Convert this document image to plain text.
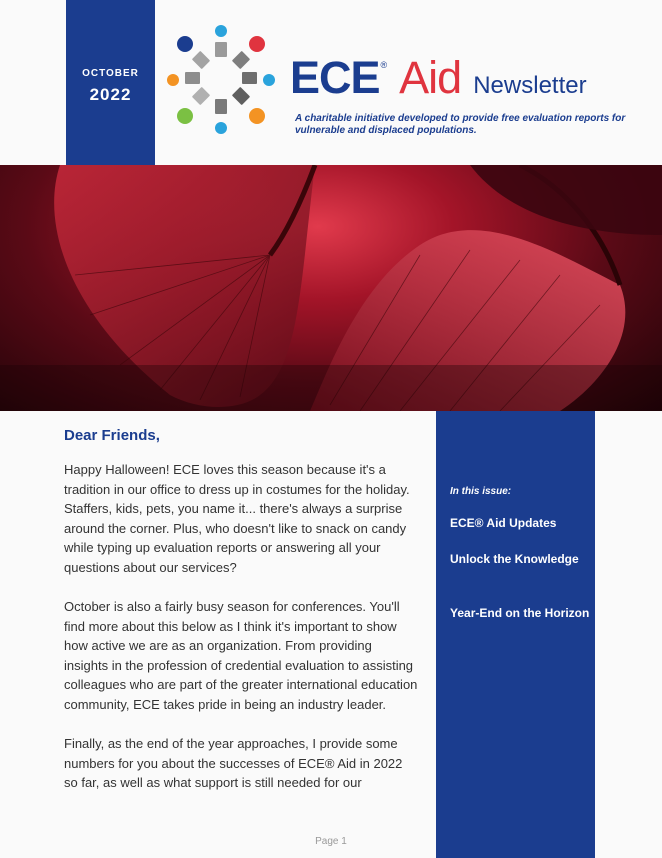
OCTOBER
2022	ECE ® Aid Newsletter
A charitable initiative developed to provide free evaluation reports for vulnerable and displaced populations.
Dear Friends,

Happy Halloween! ECE loves this season because it's a tradition in our office to dress up in costumes for the holiday. Staffers, kids, pets, you name it... there's always a surprise around the corner. Plus, who doesn't like to snack on candy while typing up evaluation reports or answering all your questions about our services?

October is also a fairly busy season for conferences. You'll find more about this below as I think it's important to show how active we are as an organization. From providing insights in the profession of credential evaluation to assisting colleagues who are part of the greater international education community, ECE takes pride in being an industry leader.

Finally, as the end of the year approaches, I provide some numbers for you about the successes of ECE® Aid in 2022 so far, as well as what support is still needed for our

In this issue:
ECE® Aid Updates
Unlock the Knowledge
Year-End on the Horizon
Page 1
